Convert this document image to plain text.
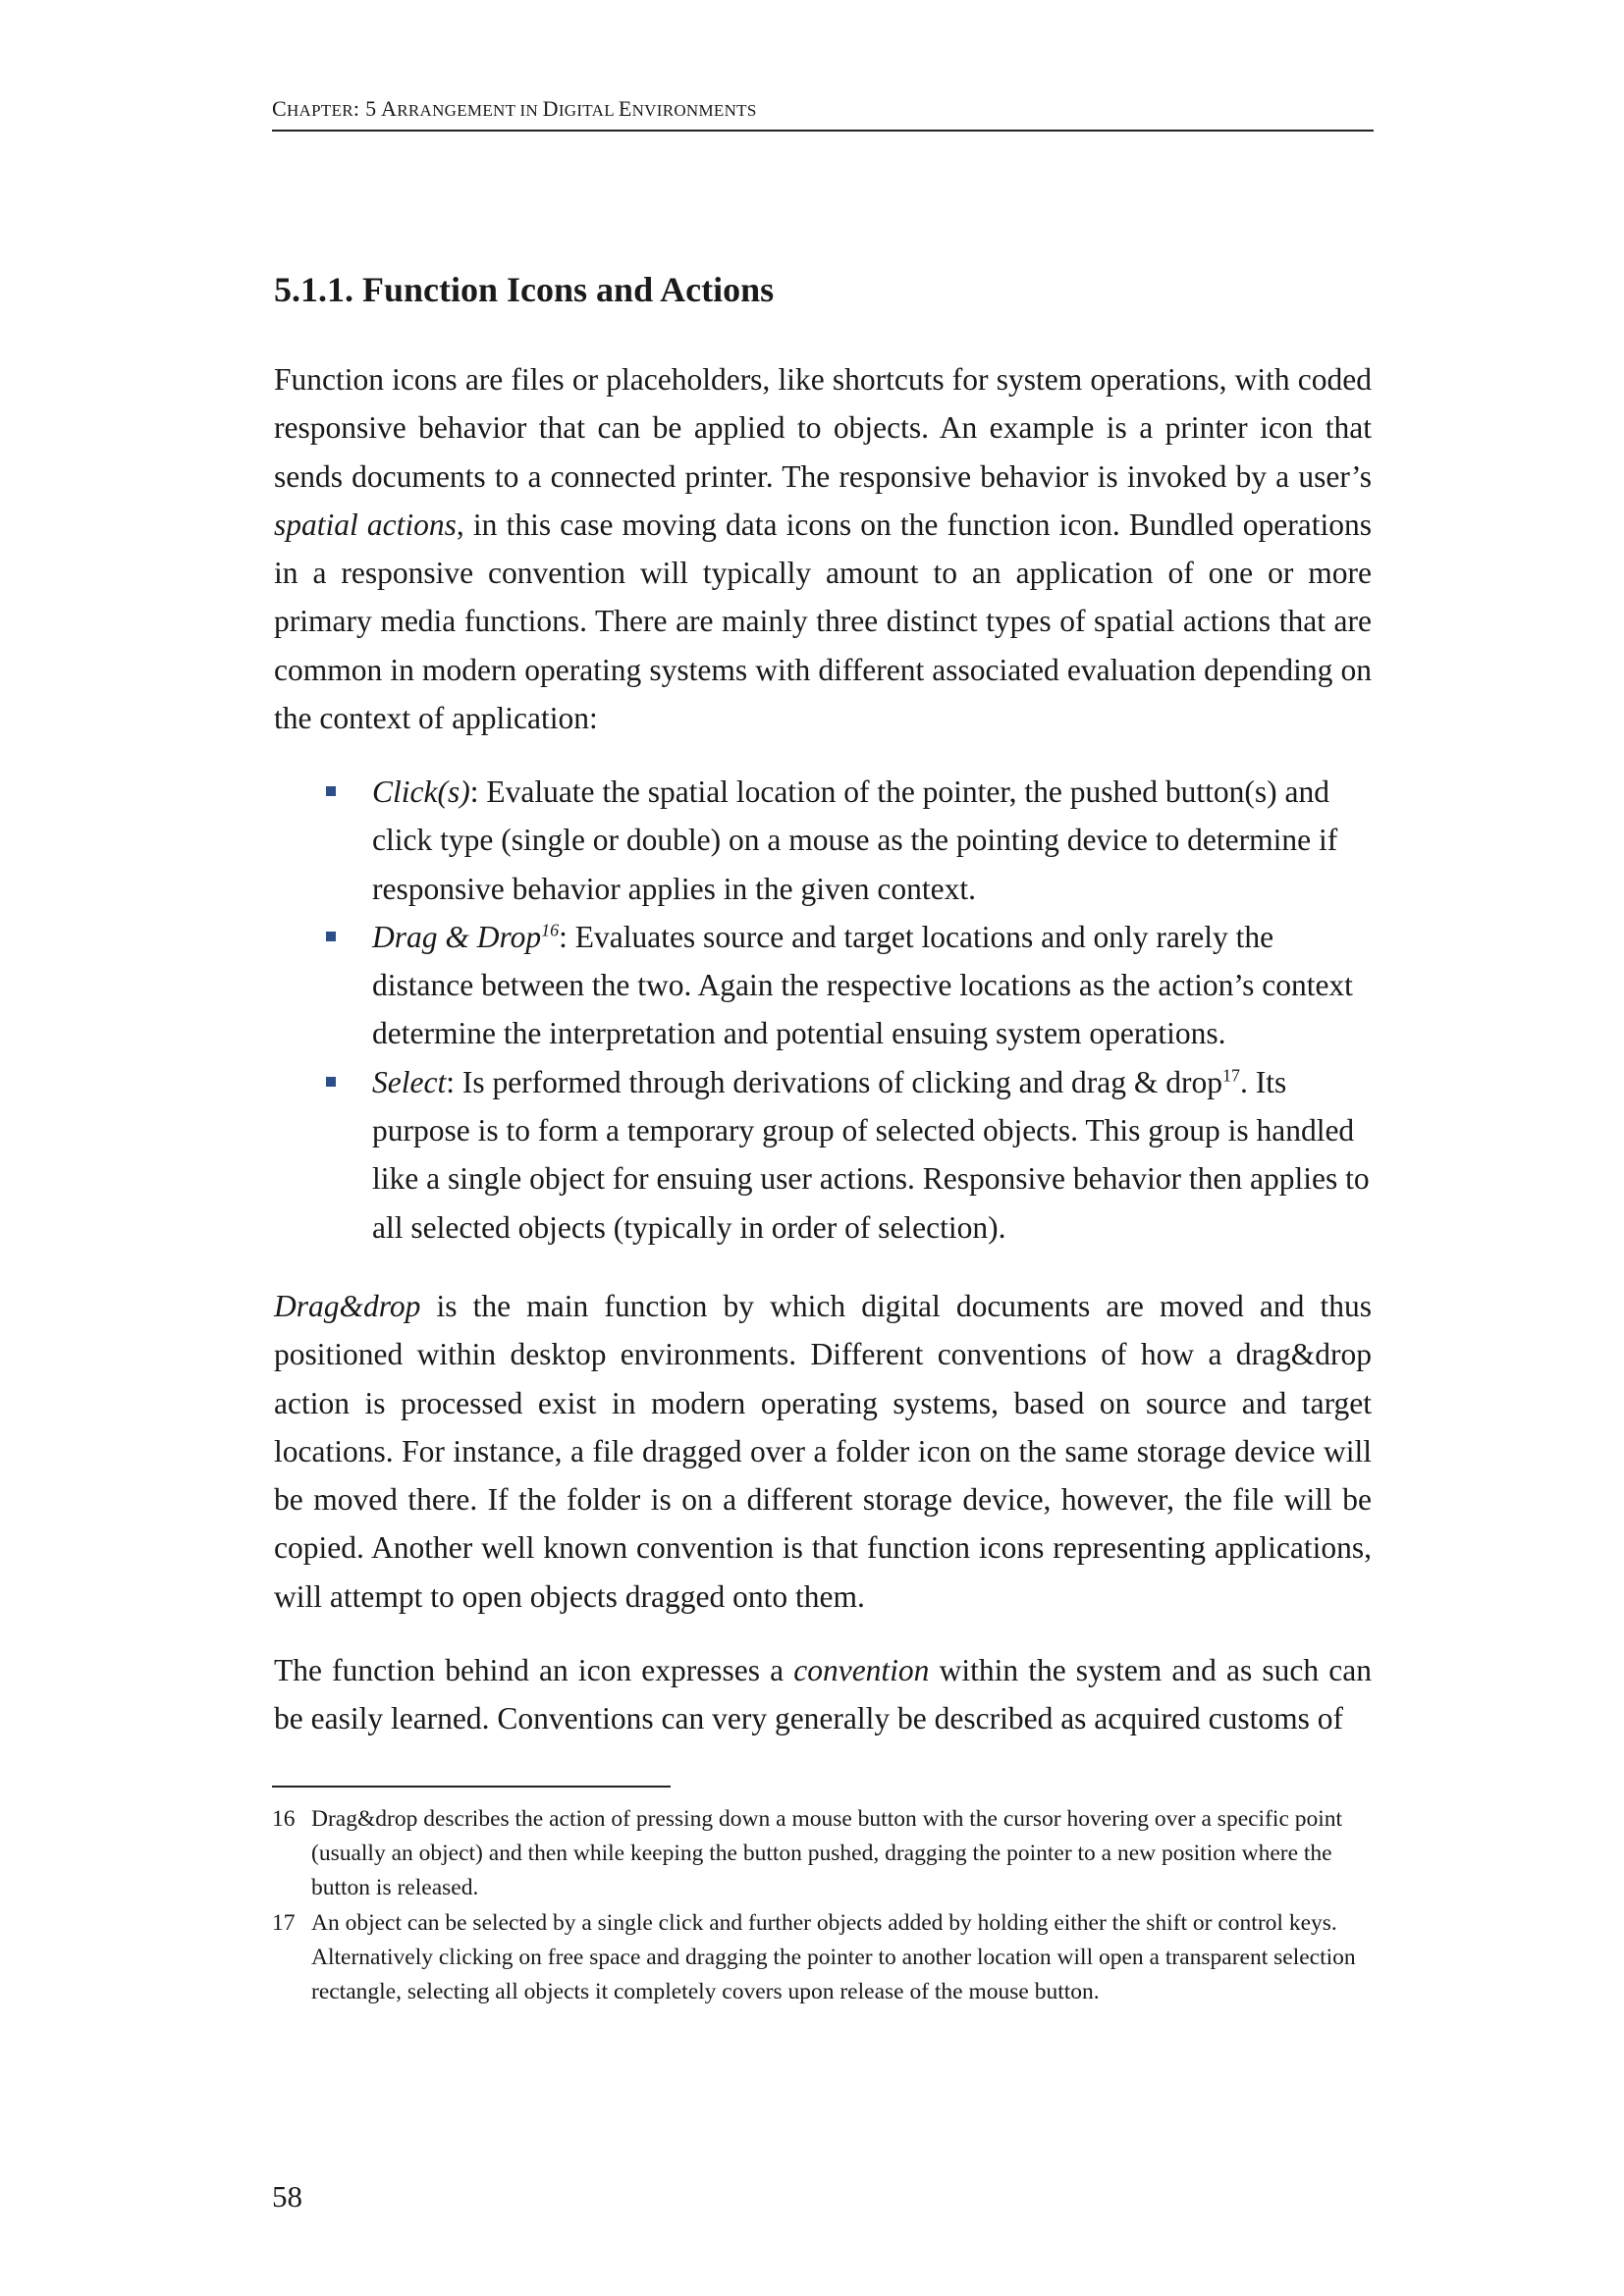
CHAPTER: 5 ARRANGEMENT IN DIGITAL ENVIRONMENTS
5.1.1. Function Icons and Actions

Function icons are files or placeholders, like shortcuts for system operations, with coded responsive behavior that can be applied to objects. An example is a printer icon that sends documents to a connected printer. The responsive behavior is invoked by a user’s spatial actions, in this case moving data icons on the function icon. Bundled operations in a responsive convention will typically amount to an application of one or more primary media functions. There are mainly three distinct types of spatial actions that are common in modern operating systems with different associated evaluation depending on the context of application:

Click(s): Evaluate the spatial location of the pointer, the pushed button(s) and click type (single or double) on a mouse as the pointing device to determine if responsive behavior applies in the given context.
Drag & Drop$^{16}$: Evaluates source and target locations and only rarely the distance between the two. Again the respective locations as the action’s context determine the interpretation and potential ensuing system operations.
Select: Is performed through derivations of clicking and drag & drop$^{17}$. Its purpose is to form a temporary group of selected objects. This group is handled like a single object for ensuing user actions. Responsive behavior then applies to all selected objects (typically in order of selection).

Drag&drop is the main function by which digital documents are moved and thus positioned within desktop environments. Different conventions of how a drag&drop action is processed exist in modern operating systems, based on source and target locations. For instance, a file dragged over a folder icon on the same storage device will be moved there. If the folder is on a different storage device, however, the file will be copied. Another well known convention is that function icons representing applications, will attempt to open objects dragged onto them.

The function behind an icon expresses a convention within the system and as such can be easily learned. Conventions can very generally be described as acquired customs of

16 Drag&drop describes the action of pressing down a mouse button with the cursor hovering over a specific point (usually an object) and then while keeping the button pushed, dragging the pointer to a new position where the button is released.
17 An object can be selected by a single click and further objects added by holding either the shift or control keys. Alternatively clicking on free space and dragging the pointer to another location will open a transparent selection rectangle, selecting all objects it completely covers upon release of the mouse button.
58
